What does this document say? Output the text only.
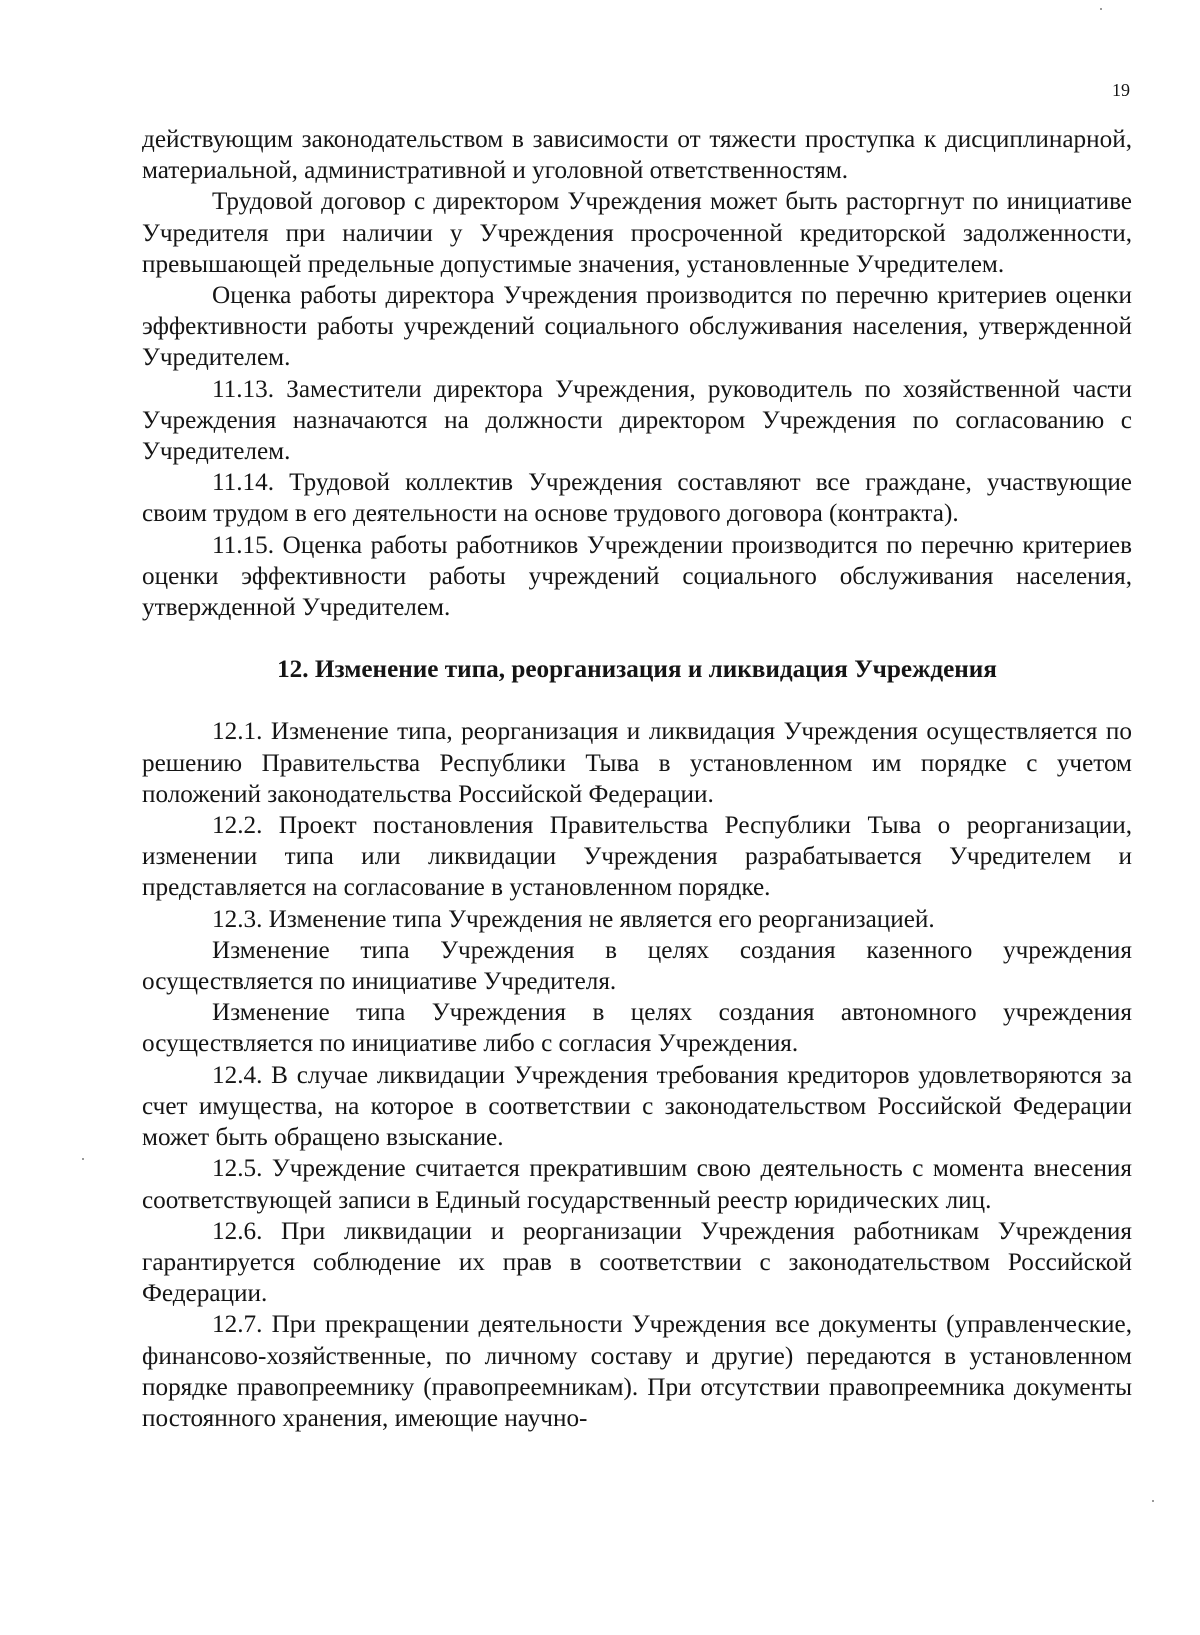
19

действующим законодательством в зависимости от тяжести проступка к дисциплинарной, материальной, административной и уголовной ответственностям.

Трудовой договор с директором Учреждения может быть расторгнут по инициативе Учредителя при наличии у Учреждения просроченной кредиторской задолженности, превышающей предельные допустимые значения, установленные Учредителем.

Оценка работы директора Учреждения производится по перечню критериев оценки эффективности работы учреждений социального обслуживания населения, утвержденной Учредителем.

11.13. Заместители директора Учреждения, руководитель по хозяйственной части Учреждения назначаются на должности директором Учреждения по согласованию с Учредителем.

11.14. Трудовой коллектив Учреждения составляют все граждане, участвующие своим трудом в его деятельности на основе трудового договора (контракта).

11.15. Оценка работы работников Учреждении производится по перечню критериев оценки эффективности работы учреждений социального обслуживания населения, утвержденной Учредителем.

12. Изменение типа, реорганизация и ликвидация Учреждения

12.1. Изменение типа, реорганизация и ликвидация Учреждения осуществляется по решению Правительства Республики Тыва в установленном им порядке с учетом положений законодательства Российской Федерации.

12.2. Проект постановления Правительства Республики Тыва о реорганизации, изменении типа или ликвидации Учреждения разрабатывается Учредителем и представляется на согласование в установленном порядке.

12.3. Изменение типа Учреждения не является его реорганизацией.

Изменение типа Учреждения в целях создания казенного учреждения осуществляется по инициативе Учредителя.

Изменение типа Учреждения в целях создания автономного учреждения осуществляется по инициативе либо с согласия Учреждения.

12.4. В случае ликвидации Учреждения требования кредиторов удовлетворяются за счет имущества, на которое в соответствии с законодательством Российской Федерации может быть обращено взыскание.

12.5. Учреждение считается прекратившим свою деятельность с момента внесения соответствующей записи в Единый государственный реестр юридических лиц.

12.6. При ликвидации и реорганизации Учреждения работникам Учреждения гарантируется соблюдение их прав в соответствии с законодательством Российской Федерации.

12.7. При прекращении деятельности Учреждения все документы (управленческие, финансово-хозяйственные, по личному составу и другие) передаются в установленном порядке правопреемнику (правопреемникам). При отсутствии правопреемника документы постоянного хранения, имеющие научно-
